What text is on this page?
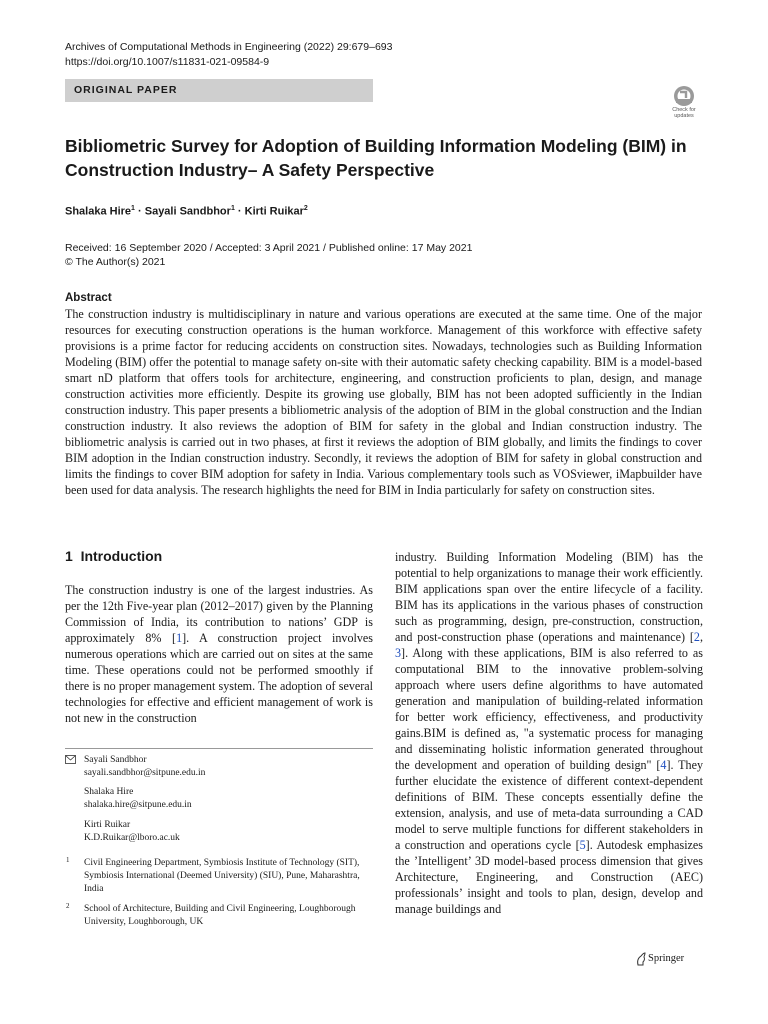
Archives of Computational Methods in Engineering (2022) 29:679–693
https://doi.org/10.1007/s11831-021-09584-9
ORIGINAL PAPER
Check for updates
Bibliometric Survey for Adoption of Building Information Modeling (BIM) in Construction Industry– A Safety Perspective
Shalaka Hire$^1$ · Sayali Sandbhor$^1$ · Kirti Ruikar$^2$
Received: 16 September 2020 / Accepted: 3 April 2021 / Published online: 17 May 2021
© The Author(s) 2021
Abstract
The construction industry is multidisciplinary in nature and various operations are executed at the same time. One of the major resources for executing construction operations is the human workforce. Management of this workforce with effective safety provisions is a prime factor for reducing accidents on construction sites. Nowadays, technologies such as Building Information Modeling (BIM) offer the potential to manage safety on-site with their automatic safety checking capability. BIM is a model-based smart nD platform that offers tools for architecture, engineering, and construction proficients to plan, design, and manage construction activities more efficiently. Despite its growing use globally, BIM has not been adopted sufficiently in the Indian construction industry. This paper presents a bibliometric analysis of the adoption of BIM in the global construction and the Indian construction industry. It also reviews the adoption of BIM for safety in the global and Indian construction industry. The bibliometric analysis is carried out in two phases, at first it reviews the adoption of BIM globally, and limits the findings to cover BIM adoption in the Indian construction industry. Secondly, it reviews the adoption of BIM for safety in global construction and limits the findings to cover BIM adoption for safety in India. Various complementary tools such as VOSviewer, iMapbuilder have been used for data analysis. The research highlights the need for BIM in India particularly for safety on construction sites.
1 Introduction
The construction industry is one of the largest industries. As per the 12th Five-year plan (2012–2017) given by the Planning Commission of India, its contribution to nations’ GDP is approximately 8% [1]. A construction project involves numerous operations which are carried out on sites at the same time. These operations could not be performed smoothly if there is no proper management system. The adoption of several technologies for effective and efficient management of work is not new in the construction
industry. Building Information Modeling (BIM) has the potential to help organizations to manage their work efficiently. BIM applications span over the entire lifecycle of a facility. BIM has its applications in the various phases of construction such as programming, design, pre-construction, construction, and post-construction phase (operations and maintenance) [2, 3]. Along with these applications, BIM is also referred to as computational BIM to the innovative problem-solving approach where users define algorithms to have automated generation and manipulation of building-related information for better work efficiency, effectiveness, and productivity gains.BIM is defined as, "a systematic process for managing and disseminating holistic information generated throughout the development and operation of building design" [4]. They further elucidate the existence of different context-dependent definitions of BIM. These concepts essentially define the extension, analysis, and use of meta-data surrounding a CAD model to serve multiple functions for different stakeholders in a construction and operations cycle [5]. Autodesk emphasizes the ’Intelligent’ 3D model-based process dimension that gives Architecture, Engineering, and Construction (AEC) professionals’ insight and tools to plan, design, develop and manage buildings and
Sayali Sandbhor
sayali.sandbhor@sitpune.edu.in
Shalaka Hire
shalaka.hire@sitpune.edu.in
Kirti Ruikar
K.D.Ruikar@lboro.ac.uk
1 Civil Engineering Department, Symbiosis Institute of Technology (SIT), Symbiosis International (Deemed University) (SIU), Pune, Maharashtra, India
2 School of Architecture, Building and Civil Engineering, Loughborough University, Loughborough, UK
Springer
